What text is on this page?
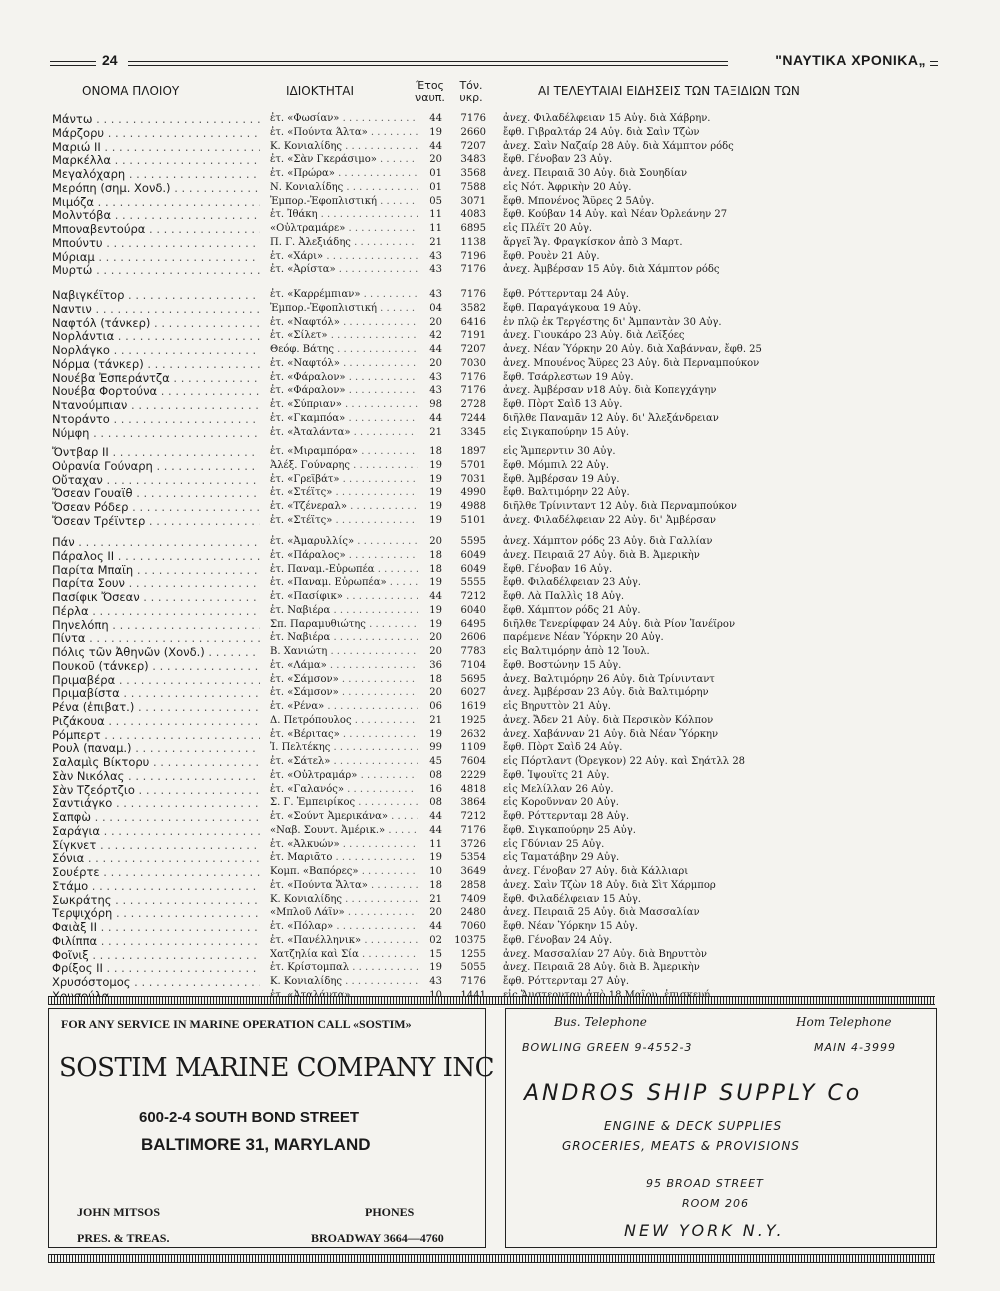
24	"ΝΑΥΤΙΚΑ ΧΡΟΝΙΚΑ„
ΟΝΟΜΑ ΠΛΟΙΟΥ	ΙΔΙΟΚΤΗΤΑΙ	Έτος ναυπ.
Τόν. υκρ.	ΑΙ ΤΕΛΕΥΤΑΙΑΙ ΕΙΔΗΣΕΙΣ ΤΩΝ ΤΑΞΙΔΙΩΝ ΤΩΝ
Μάντω . . .	ἐτ. «Φωσίαν» . . .	44	7176 ἀνεχ. Φιλαδέλφειαν 15 Αὐγ. διὰ Χάβρην.
Μάρζορυ . . .	ἐτ. «Πούντα Άλτα» . . .	19	2660 ἔφθ. Γιβραλτάρ 24 Αὐγ. διὰ Σαὶν Τζὼν
Μαριώ ΙΙ . . .	Κ. Κονιαλίδης . . .	44	7207 ἀνεχ. Σαὶν Ναζαίρ 28 Αὐγ. διὰ Χάμπτον ρόδς
Μαρκέλλα . . .	ἐτ. «Σὰν Γκεράσιμο» . . .	20	3483 ἔφθ. Γένοβαν 23 Αὐγ.
Μεγαλόχαρη . . .	ἐτ. «Πρώρα» . . .	01	3568 ἀνεχ. Πειραιᾶ 30 Αὐγ. διὰ Σουηδίαν
Μερόπη (σημ. Χονδ.) . . .	Ν. Κονιαλίδης . . .	01	7588 εἰς Νότ. Ἀφρικὴν 20 Αὐγ.
Μιμόζα . . .	Ἐμπορ.-Ἐφοπλιστική . . .	05	3071 ἔφθ. Μπονένος Ἄϋρες 2 5Αὐγ.
Μολντόβα . . .	ἐτ. Ἰθάκη . . .	11	4083 ἔφθ. Κούβαν 14 Αὐγ. καὶ Νέαν Ὀρλεάνην 27
Μποναβεντούρα . . .	«Οὐλτραμάρε» . . .	11	6895 εἰς Πλέϊτ 20 Αὐγ.
Μπούντυ . . .	Π. Γ. Ἀλεξιάδης . . .	21	1138 ἄργεῖ Ἄγ. Φραγκίσκον ἀπὸ 3 Μαρτ.
Μύριαμ . . .	ἐτ. «Χάρι» . . .	43	7196 ἔφθ. Ρουὲν 21 Αὐγ.
Μυρτώ . . .	ἐτ. «Ἀρίστα» . . .	43	7176 ἀνεχ. Ἀμβέρσαν 15 Αὐγ. διὰ Χάμπτον ρόδς
Ναβιγκέϊτορ . . .	ἐτ. «Καρρέμπιαν» . . .	43	7176 ἔφθ. Ρόττερνταμ 24 Αὐγ.
Ναντιν . . .	Ἐμπορ.-Ἐφοπλιστική . . .	04	3582 ἔφθ. Παραγάγκουα 19 Αὐγ.
Ναφτόλ (τάνκερ) . . .	ἐτ. «Ναφτόλ» . . .	20	6416 ἐν πλῷ ἐκ Τεργέστης δι' Ἀμπαντὰν 30 Αὐγ.
Νορλάντια . . .	ἐτ. «Σίλετ» . . .	42	7191 ἀνεχ. Γιουκάρο 23 Αὐγ. διὰ Λεϊξόες
Νορλάγκο . . .	Θεόφ. Βάτης . . .	44	7207 ἀνεχ. Νέαν Ὑόρκην 20 Αὐγ. διὰ Χαβάνναν, ἔφθ. 25
Νόρμα (τάνκερ) . . .	ἐτ. «Ναφτόλ» . . .	20	7030 ἀνεχ. Μπουένος Ἄϋρες 23 Αὐγ. διὰ Περναμπούκον
Νουέβα Ἐσπεράντζα . . .	ἐτ. «Φάραλον» . . .	43	7176 ἔφθ. Τσάρλεστων 19 Αὐγ.
Νουέβα Φορτούνα . . .	ἐτ. «Φάραλον» . . .	43	7176 ἀνεχ. Ἀμβέρσαν ν18 Αὐγ. διὰ Κοπεγχάγην
Ντανούμπιαν . . .	ἐτ. «Σύπριαν» . . .	98	2728 ἔφθ. Πὸρτ Σαὶδ 13 Αὐγ.
Ντοράντο . . .	ἐτ. «Γκαμπόα» . . .	44	7244 διῆλθε Παναμᾶν 12 Αὐγ. δι' Ἀλεξάνδρειαν
Νύμφη . . .	ἐτ. «Ἀταλάντα» . . .	21	3345 εἰς Σιγκαπούρην 15 Αὐγ.
Ὄντβαρ ΙΙ . . .	ἐτ. «Μιραμπόρα» . . .	18	1897 εἰς Ἄμπερντιν 30 Αὐγ.
Οὐρανία Γούναρη . . .	Ἀλέξ. Γούναρης . . .	19	5701 ἔφθ. Μόμπιλ 22 Αὐγ.
Οὔταχαν . . .	ἐτ. «Γρεϊβάτ» . . .	19	7031 ἔφθ. Ἀμβέρσαν 19 Αὐγ.
Ὄσεαν Γουαϊθ . . .	ἐτ. «Στέϊτς» . . .	19	4990 ἔφθ. Βαλτιμόρην 22 Αὐγ.
Ὄσεαν Ρόδερ . . .	ἐτ. «Τζένεραλ» . . .	19	4988 διῆλθε Τρίνινταντ 12 Αὐγ. διὰ Περναμπούκον
Ὄσεαν Τρέϊντερ . . .	ἐτ. «Στέϊτς» . . .	19	5101 ἀνεχ. Φιλαδέλφειαν 22 Αὐγ. δι' Ἀμβέρσαν
Πάν . . .	ἐτ. «Ἀμαρυλλίς» . . .	20	5595 ἀνεχ. Χάμπτον ρόδς 23 Αὐγ. διὰ Γαλλίαν
Πάραλος ΙΙ . . .	ἐτ. «Πάραλος» . . .	18	6049 ἀνεχ. Πειραιᾶ 27 Αὐγ. διὰ Β. Ἀμερικὴν
Παρίτα Μπαϊη . . .	ἐτ. Παναμ.-Εὐρωπέα . . .	18	6049 ἔφθ. Γένοβαν 16 Αὐγ.
Παρίτα Σουν . . .	ἐτ. «Παναμ. Εὐρωπέα» . . .	19	5555 ἔφθ. Φιλαδέλφειαν 23 Αὐγ.
Πασίφικ Ὄσεαν . . .	ἐτ. «Πασίφικ» . . .	44	7212 ἔφθ. Λὰ Παλλὶς 18 Αὐγ.
Πέρλα . . .	ἐτ. Ναβιέρα . . .	19	6040 ἔφθ. Χάμπτον ρόδς 21 Αὐγ.
Πηνελόπη . . .	Σπ. Παραμυθιώτης . . .	19	6495 διῆλθε Τενερίφφαν 24 Αὐγ. διὰ Ρίον Ἰανέϊρον
Πίντα . . .	ἐτ. Ναβιέρα . . .	20	2606 παρέμενε Νέαν Ὑόρκην 20 Αὐγ.
Πόλις τῶν Ἀθηνῶν (Χονδ.) . . .	Β. Χανιώτη . . .	20	7783 εἰς Βαλτιμόρην ἀπὸ 12 Ἰουλ.
Πουκοῦ (τάνκερ) . . .	ἐτ. «Λάμα» . . .	36	7104 ἔφθ. Βοστώνην 15 Αὐγ.
Πριμαβέρα . . .	ἐτ. «Σάμσον» . . .	18	5695 ἀνεχ. Βαλτιμόρην 26 Αὐγ. διὰ Τρίνινταντ
Πριμαβίστα . . .	ἐτ. «Σάμσον» . . .	20	6027 ἀνεχ. Ἀμβέρσαν 23 Αὐγ. διὰ Βαλτιμόρην
Ρένα (ἐπιβατ.) . . .	ἐτ. «Ρένα» . . .	06	1619 εἰς Βηρυττὸν 21 Αὐγ.
Ριζάκουα . . .	Δ. Πετρόπουλος . . .	21	1925 ἀνεχ. Ἄδεν 21 Αὐγ. διὰ Περσικὸν Κόλπον
Ρόμπερτ . . .	ἐτ. «Βέριτας» . . .	19	2632 ἀνεχ. Χαβάνναν 21 Αὐγ. διὰ Νέαν Ὑόρκην
Ρουλ (παναμ.) . . .	Ἰ. Πελτέκης . . .	99	1109 ἔφθ. Πὸρτ Σαὶδ 24 Αὐγ.
Σαλαμὶς Βίκτορυ . . .	ἐτ. «Σάτελ» . . .	45	7604 εἰς Πόρτλαντ (Ὀρεγκον) 22 Αὐγ. καὶ Σηάτλλ 28
Σὰν Νικόλας . . .	ἐτ. «Οὐλτραμάρ» . . .	08	2229 ἔφθ. Ἰψουϊτς 21 Αὐγ.
Σὰν Τζεόρτζιο . . .	ἐτ. «Γαλανός» . . .	16	4818 εἰς Μελίλλαν 26 Αὐγ.
Σαντιάγκο . . .	Σ. Γ. Ἐμπειρίκος . . .	08	3864 εἰς Κοροῦνναν 20 Αὐγ.
Σαπφὼ . . .	ἐτ. «Σούντ Ἀμερικάνα» . . .	44	7212 ἔφθ. Ρόττερνταμ 28 Αὐγ.
Σαράγια . . .	«Ναβ. Σουντ. Ἀμέρικ.» . . .	44	7176 ἔφθ. Σιγκαπούρην 25 Αὐγ.
Σίγκνετ . . .	ἐτ. «Ἀλκυών» . . .	11	3726 εἰς Γδύνιαν 25 Αὐγ.
Σόνια . . .	ἐτ. Μαριᾶτο . . .	19	5354 εἰς Ταματάβην 29 Αὐγ.
Σουέρτε . . .	Κομπ. «Βαπόρες» . . .	10	3649 ἀνεχ. Γένοβαν 27 Αὐγ. διὰ Κάλλιαρι
Στάμο . . .	ἐτ. «Πούντα Ἄλτα» . . .	18	2858 ἀνεχ. Σαὶν Τζὼν 18 Αὐγ. διὰ Σὶτ Χάρμπορ
Σωκράτης . . .	Κ. Κονιαλίδης . . .	21	7409 ἔφθ. Φιλαδέλφειαν 15 Αὐγ.
Τερψιχόρη . . .	«Μπλοῦ Λάϊν» . . .	20	2480 ἀνεχ. Πειραιᾶ 25 Αὐγ. διὰ Μασσαλίαν
Φαιὰξ ΙΙ . . .	ἐτ. «Πόλαρ» . . .	44	7060 ἔφθ. Νέαν Ὑόρκην 15 Αὐγ.
Φιλίππα . . .	ἐτ. «Πανέλληνικ» . . .	02	10375 ἔφθ. Γένοβαν 24 Αὐγ.
Φοῖνιξ . . .	Χατζηλία καὶ Σία . . .	15	1255 ἀνεχ. Μασσαλίαν 27 Αὐγ. διὰ Βηρυττὸν
Φρίξος ΙΙ . . .	ἐτ. Κρίστομπαλ . . .	19	5055 ἀνεχ. Πειραιᾶ 28 Αὐγ. διὰ Β. Ἀμερικὴν
Χρυσόστομος . . .	Κ. Κονιαλίδης . . .	43	7176 ἔφθ. Ρόττερνταμ 27 Αὐγ.
. . .
. . .
FOR ANY SERVICE IN MARINE OPERATION CALL «SOSTIM»
SOSTIM MARINE COMPANY INC
600-2-4 SOUTH BOND STREET
BALTIMORE 31, MARYLAND
JOHN MITSOS
PRES. & TREAS.
PHONES
BROADWAY 3664—4760
Bus. Telephone	Hom Telephone
BOWLING GREEN 9-4552-3	MAIN 4-3999
ANDROS SHIP SUPPLY Co
ENGINE & DECK SUPPLIES
GROCERIES, MEATS & PROVISIONS
95 BROAD STREET
ROOM 206
NEW YORK N.Y.
